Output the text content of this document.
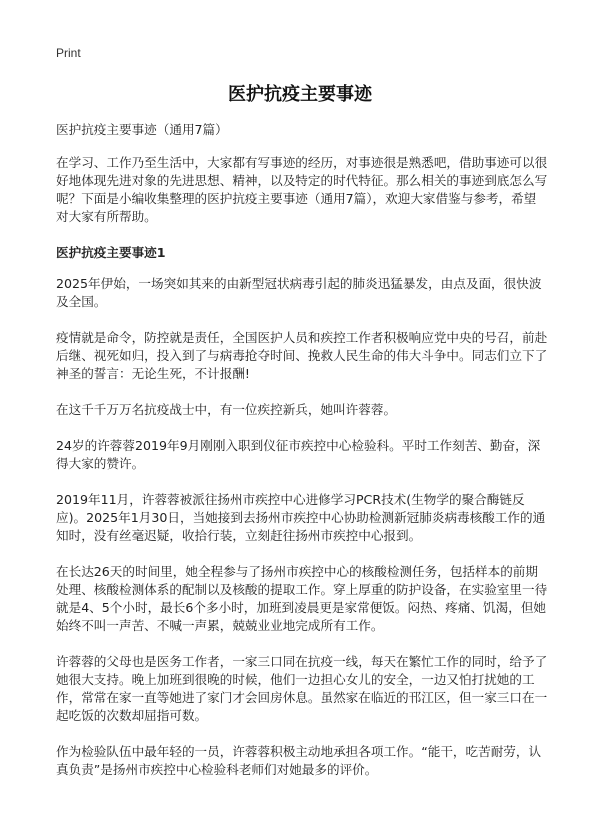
Print
医护抗疫主要事迹

医护抗疫主要事迹（通用7篇）

在学习、工作乃至生活中，大家都有写事迹的经历，对事迹很是熟悉吧，借助事迹可以很好地体现先进对象的先进思想、精神，以及特定的时代特征。那么相关的事迹到底怎么写呢？下面是小编收集整理的医护抗疫主要事迹（通用7篇），欢迎大家借鉴与参考，希望对大家有所帮助。

医护抗疫主要事迹1

2025年伊始，一场突如其来的由新型冠状病毒引起的肺炎迅猛暴发，由点及面，很快波及全国。

疫情就是命令，防控就是责任，全国医护人员和疾控工作者积极响应党中央的号召，前赴后继、视死如归，投入到了与病毒抢夺时间、挽救人民生命的伟大斗争中。同志们立下了神圣的誓言：无论生死，不计报酬!

在这千千万万名抗疫战士中，有一位疾控新兵，她叫许蓉蓉。

24岁的许蓉蓉2019年9月刚刚入职到仪征市疾控中心检验科。平时工作刻苦、勤奋，深得大家的赞许。

2019年11月，许蓉蓉被派往扬州市疾控中心进修学习PCR技术(生物学的聚合酶链反应)。2025年1月30日，当她接到去扬州市疾控中心协助检测新冠肺炎病毒核酸工作的通知时，没有丝毫迟疑，收拾行装，立刻赶往扬州市疾控中心报到。

在长达26天的时间里，她全程参与了扬州市疾控中心的核酸检测任务，包括样本的前期处理、核酸检测体系的配制以及核酸的提取工作。穿上厚重的防护设备，在实验室里一待就是4、5个小时，最长6个多小时，加班到凌晨更是家常便饭。闷热、疼痛、饥渴，但她始终不叫一声苦、不喊一声累，兢兢业业地完成所有工作。

许蓉蓉的父母也是医务工作者，一家三口同在抗疫一线，每天在繁忙工作的同时，给予了她很大支持。晚上加班到很晚的时候，他们一边担心女儿的安全，一边又怕打扰她的工作，常常在家一直等她进了家门才会回房休息。虽然家在临近的邗江区，但一家三口在一起吃饭的次数却屈指可数。

作为检验队伍中最年轻的一员，许蓉蓉积极主动地承担各项工作。“能干，吃苦耐劳，认真负责”是扬州市疾控中心检验科老师们对她最多的评价。
